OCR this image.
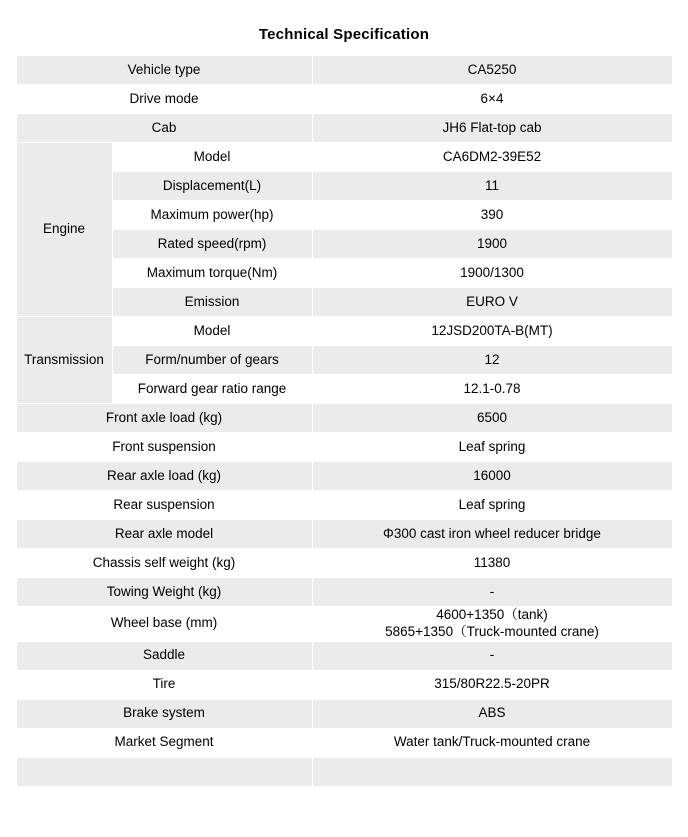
Technical Specification
Vehicle type		CA5250
Drive mode		6×4
Cab		JH6 Flat-top cab
Engine	Model	CA6DM2-39E52
	Displacement(L)	11
	Maximum power(hp)	390
	Rated speed(rpm)	1900
	Maximum torque(Nm)	1900/1300
	Emission	EURO V
Transmission	Model	12JSD200TA-B(MT)
	Form/number of gears	12
	Forward gear ratio range	12.1-0.78
Front axle load (kg)		6500
Front suspension		Leaf spring
Rear axle load (kg)		16000
Rear suspension		Leaf spring
Rear axle model		Φ300 cast iron wheel reducer bridge
Chassis self weight (kg)		11380
Towing Weight (kg)		-
Wheel base (mm)		4600+1350（tank)
5865+1350（Truck-mounted crane)
Saddle		-
Tire		315/80R22.5-20PR
Brake system		ABS
Market Segment		Water tank/Truck-mounted crane
